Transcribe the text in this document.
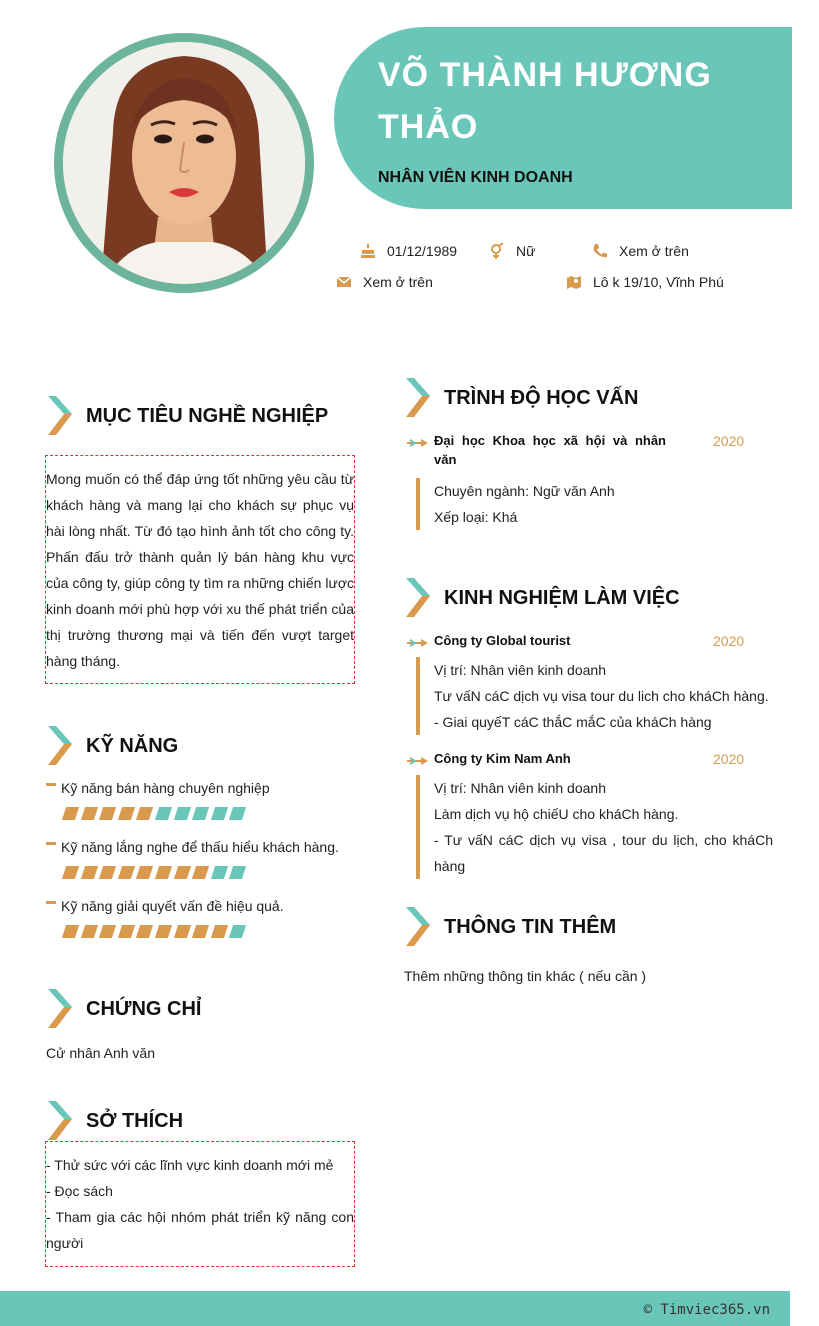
VÕ THÀNH HƯƠNG THẢO
NHÂN VIÊN KINH DOANH
01/12/1989	Nữ	Xem ở trên
Xem ở trên	Lô k 19/10, Vĩnh Phú
MỤC TIÊU NGHỀ NGHIỆP
Mong muốn có thể đáp ứng tốt những yêu cầu từ khách hàng và mang lại cho khách sự phục vụ hài lòng nhất. Từ đó tạo hình ảnh tốt cho công ty. Phấn đấu trở thành quản lý bán hàng khu vực của công ty, giúp công ty tìm ra những chiến lược kinh doanh mới phù hợp với xu thế phát triển của thị trường thương mại và tiến đến vượt target hàng tháng.
KỸ NĂNG
Kỹ năng bán hàng chuyên nghiệp
Kỹ năng lắng nghe để thấu hiểu khách hàng.
Kỹ năng giải quyết vấn đề hiệu quả.
CHỨNG CHỈ
Cử nhân Anh văn
SỞ THÍCH
- Thử sức với các lĩnh vực kinh doanh mới mẻ
- Đọc sách
- Tham gia các hội nhóm phát triển kỹ năng con người
TRÌNH ĐỘ HỌC VẤN
Đại học Khoa học xã hội và nhân
văn
2020
Chuyên ngành: Ngữ văn Anh
Xếp loại: Khá
KINH NGHIỆM LÀM VIỆC
Công ty Global tourist	2020
Vị trí: Nhân viên kinh doanh
Tư vấN cáC dịch vụ visa tour du lich cho kháCh hàng.
- Giai quyếT cáC thắC mắC của kháCh hàng
Công ty Kim Nam Anh	2020
Vị trí: Nhân viên kinh doanh
Làm dịch vụ hộ chiếU cho kháCh hàng.
- Tư vấN cáC dịch vụ visa , tour du lịch, cho kháCh hàng
THÔNG TIN THÊM
Thêm những thông tin khác ( nếu cần )
© Timviec365.vn
